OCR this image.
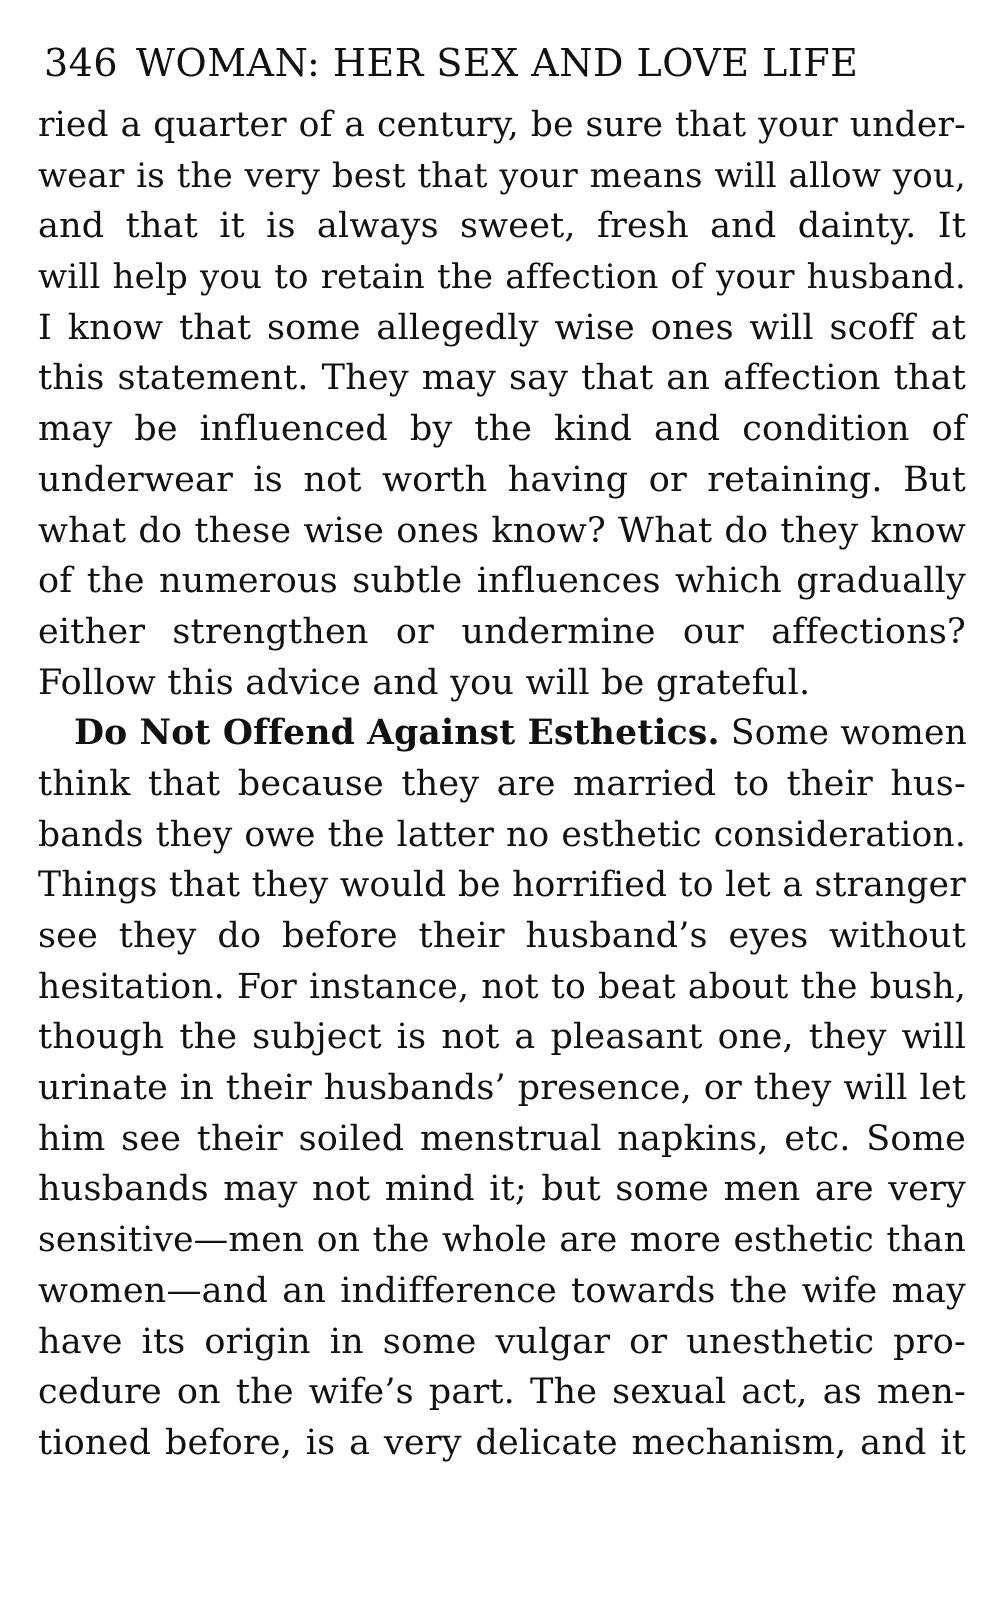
346 WOMAN: HER SEX AND LOVE LIFE
ried a quarter of a century, be sure that your under-
wear is the very best that your means will allow you,
and that it is always sweet, fresh and dainty. It
will help you to retain the affection of your husband.
I know that some allegedly wise ones will scoff at
this statement. They may say that an affection that
may be influenced by the kind and condition of
underwear is not worth having or retaining. But
what do these wise ones know? What do they know
of the numerous subtle influences which gradually
either strengthen or undermine our affections?
Follow this advice and you will be grateful.
Do Not Offend Against Esthetics. Some women
think that because they are married to their hus-
bands they owe the latter no esthetic consideration.
Things that they would be horrified to let a stranger
see they do before their husband’s eyes without
hesitation. For instance, not to beat about the bush,
though the subject is not a pleasant one, they will
urinate in their husbands’ presence, or they will let
him see their soiled menstrual napkins, etc. Some
husbands may not mind it; but some men are very
sensitive—men on the whole are more esthetic than
women—and an indifference towards the wife may
have its origin in some vulgar or unesthetic pro-
cedure on the wife’s part. The sexual act, as men-
tioned before, is a very delicate mechanism, and it
